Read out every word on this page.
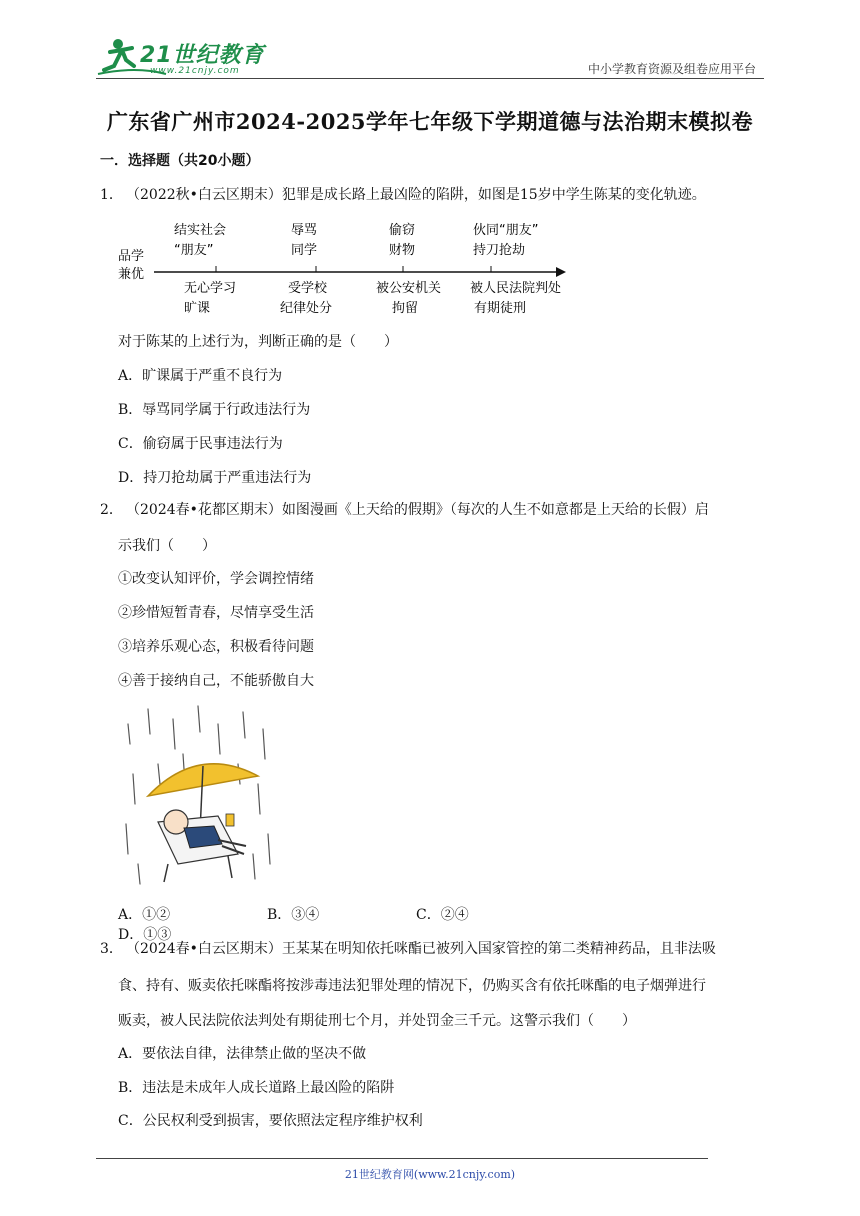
21世纪教育
www.21cnjy.com	中小学教育资源及组卷应用平台
广东省广州市2024-2025学年七年级下学期道德与法治期末模拟卷
一．选择题（共20小题）
1． （2022秋•白云区期末）犯罪是成长路上最凶险的陷阱，如图是15岁中学生陈某的变化轨迹。
品学
兼优
结实社会
“朋友”
辱骂
同学
偷窃
财物
伙同“朋友”
持刀抢劫
无心学习
旷课
受学校
纪律处分
被公安机关
拘留
被人民法院判处
有期徒刑
对于陈某的上述行为，判断正确的是（　　）
A．旷课属于严重不良行为
B．辱骂同学属于行政违法行为
C．偷窃属于民事违法行为
D．持刀抢劫属于严重违法行为
2． （2024春•花都区期末）如图漫画《上天给的假期》（每次的人生不如意都是上天给的长假）启
示我们（　　）
①改变认知评价，学会调控情绪
②珍惜短暂青春，尽情享受生活
③培养乐观心态，积极看待问题
④善于接纳自己，不能骄傲自大
A．①②	B．③④	C．②④D．①③
3． （2024春•白云区期末）王某某在明知依托咪酯已被列入国家管控的第二类精神药品，且非法吸
食、持有、贩卖依托咪酯将按涉毒违法犯罪处理的情况下，仍购买含有依托咪酯的电子烟弹进行
贩卖，被人民法院依法判处有期徒刑七个月，并处罚金三千元。这警示我们（　　）
A．要依法自律，法律禁止做的坚决不做
B．违法是未成年人成长道路上最凶险的陷阱
C．公民权利受到损害，要依照法定程序维护权利
21世纪教育网(www.21cnjy.com)
